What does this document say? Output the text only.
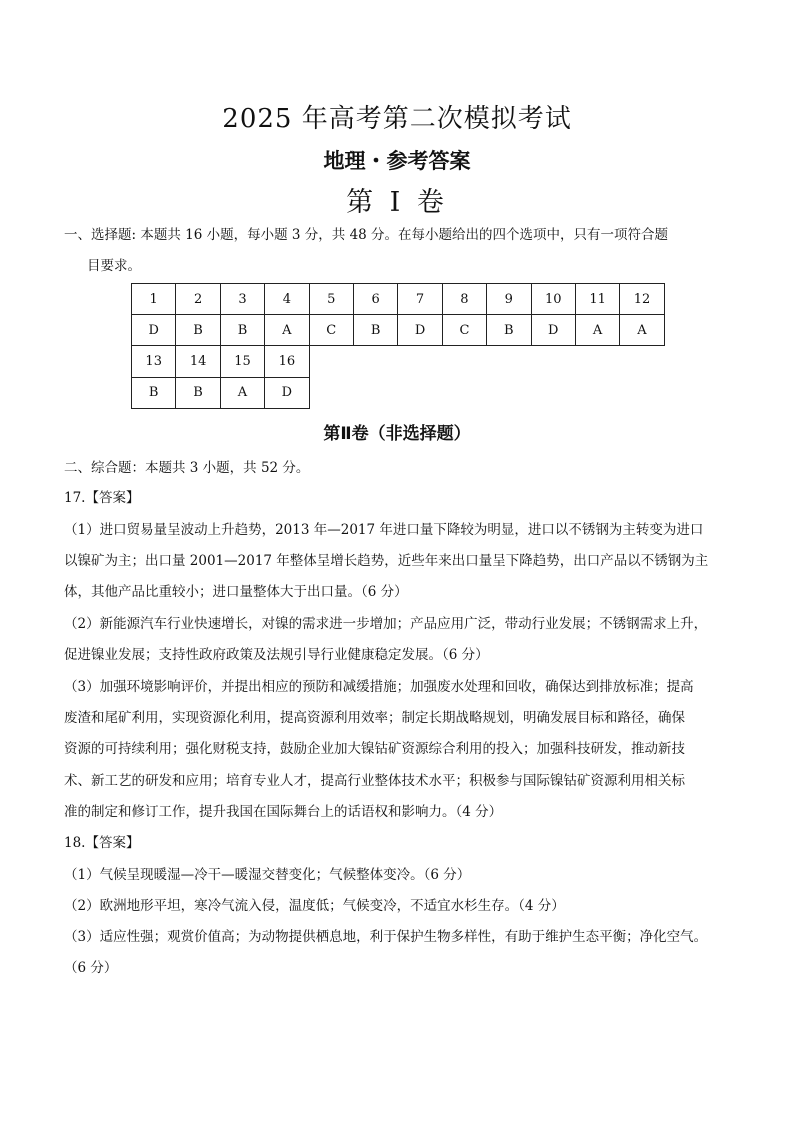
2025 年高考第二次模拟考试
地理・参考答案
第 I 卷
一、选择题: 本题共 16 小题，每小题 3 分，共 48 分。在每小题给出的四个选项中，只有一项符合题
目要求。
1	2	3	4	5	6	7	8	9	10	11	12
D	B	B	A	C	B	D	C	B	D	A	A
13	14	15	16								
B	B	A	D								
第Ⅱ卷（非选择题）
二、综合题：本题共 3 小题，共 52 分。
17.【答案】
（1）进口贸易量呈波动上升趋势，2013 年—2017 年进口量下降较为明显，进口以不锈钢为主转变为进口
以镍矿为主；出口量 2001—2017 年整体呈增长趋势，近些年来出口量呈下降趋势，出口产品以不锈钢为主
体，其他产品比重较小；进口量整体大于出口量。（6 分）
（2）新能源汽车行业快速增长，对镍的需求进一步增加；产品应用广泛，带动行业发展；不锈钢需求上升，
促进镍业发展；支持性政府政策及法规引导行业健康稳定发展。（6 分）
（3）加强环境影响评价，并提出相应的预防和减缓措施；加强废水处理和回收，确保达到排放标准；提高
废渣和尾矿利用，实现资源化利用，提高资源利用效率；制定长期战略规划，明确发展目标和路径，确保
资源的可持续利用；强化财税支持，鼓励企业加大镍钴矿资源综合利用的投入；加强科技研发，推动新技
术、新工艺的研发和应用；培育专业人才，提高行业整体技术水平；积极参与国际镍钴矿资源利用相关标
准的制定和修订工作，提升我国在国际舞台上的话语权和影响力。（4 分）
18.【答案】
（1）气候呈现暖湿—冷干—暖湿交替变化；气候整体变冷。（6 分）
（2）欧洲地形平坦，寒冷气流入侵，温度低；气候变冷，不适宜水杉生存。（4 分）
（3）适应性强；观赏价值高；为动物提供栖息地，利于保护生物多样性，有助于维护生态平衡；净化空气。
（6 分）
